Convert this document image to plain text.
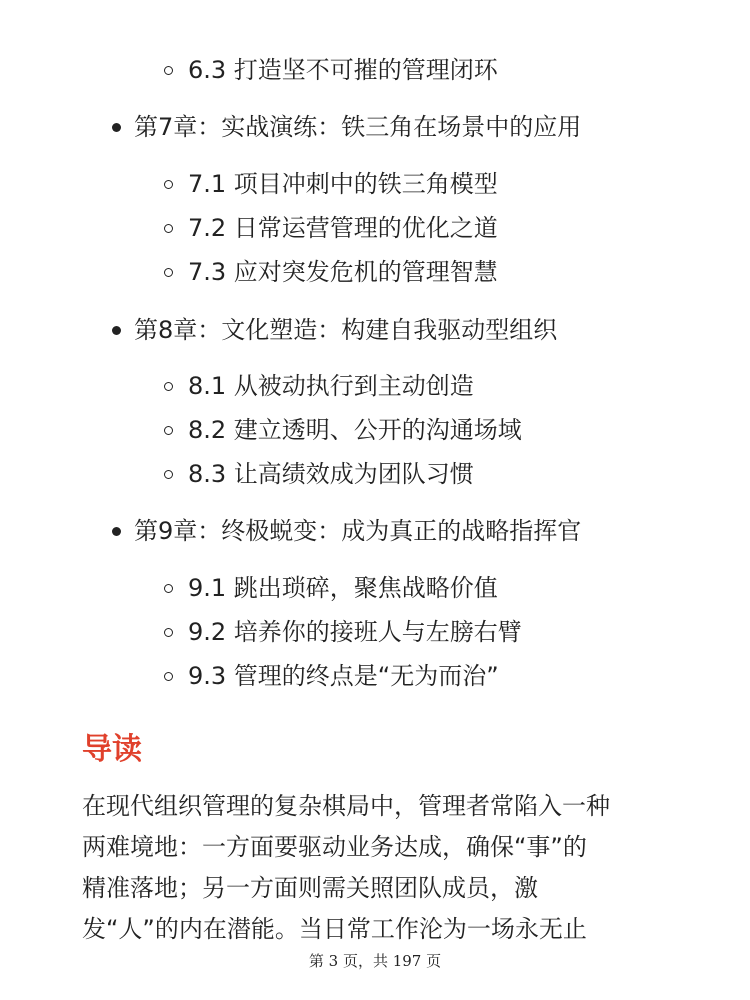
6.3 打造坚不可摧的管理闭环
第7章：实战演练：铁三角在场景中的应用
7.1 项目冲刺中的铁三角模型
7.2 日常运营管理的优化之道
7.3 应对突发危机的管理智慧
第8章：文化塑造：构建自我驱动型组织
8.1 从被动执行到主动创造
8.2 建立透明、公开的沟通场域
8.3 让高绩效成为团队习惯
第9章：终极蜕变：成为真正的战略指挥官
9.1 跳出琐碎，聚焦战略价值
9.2 培养你的接班人与左膀右臂
9.3 管理的终点是“无为而治”
导读

在现代组织管理的复杂棋局中，管理者常陷入一种
两难境地：一方面要驱动业务达成，确保“事”的
精准落地；另一方面则需关照团队成员，激
发“人”的内在潜能。当日常工作沦为一场永无止

第 3 页，共 197 页
